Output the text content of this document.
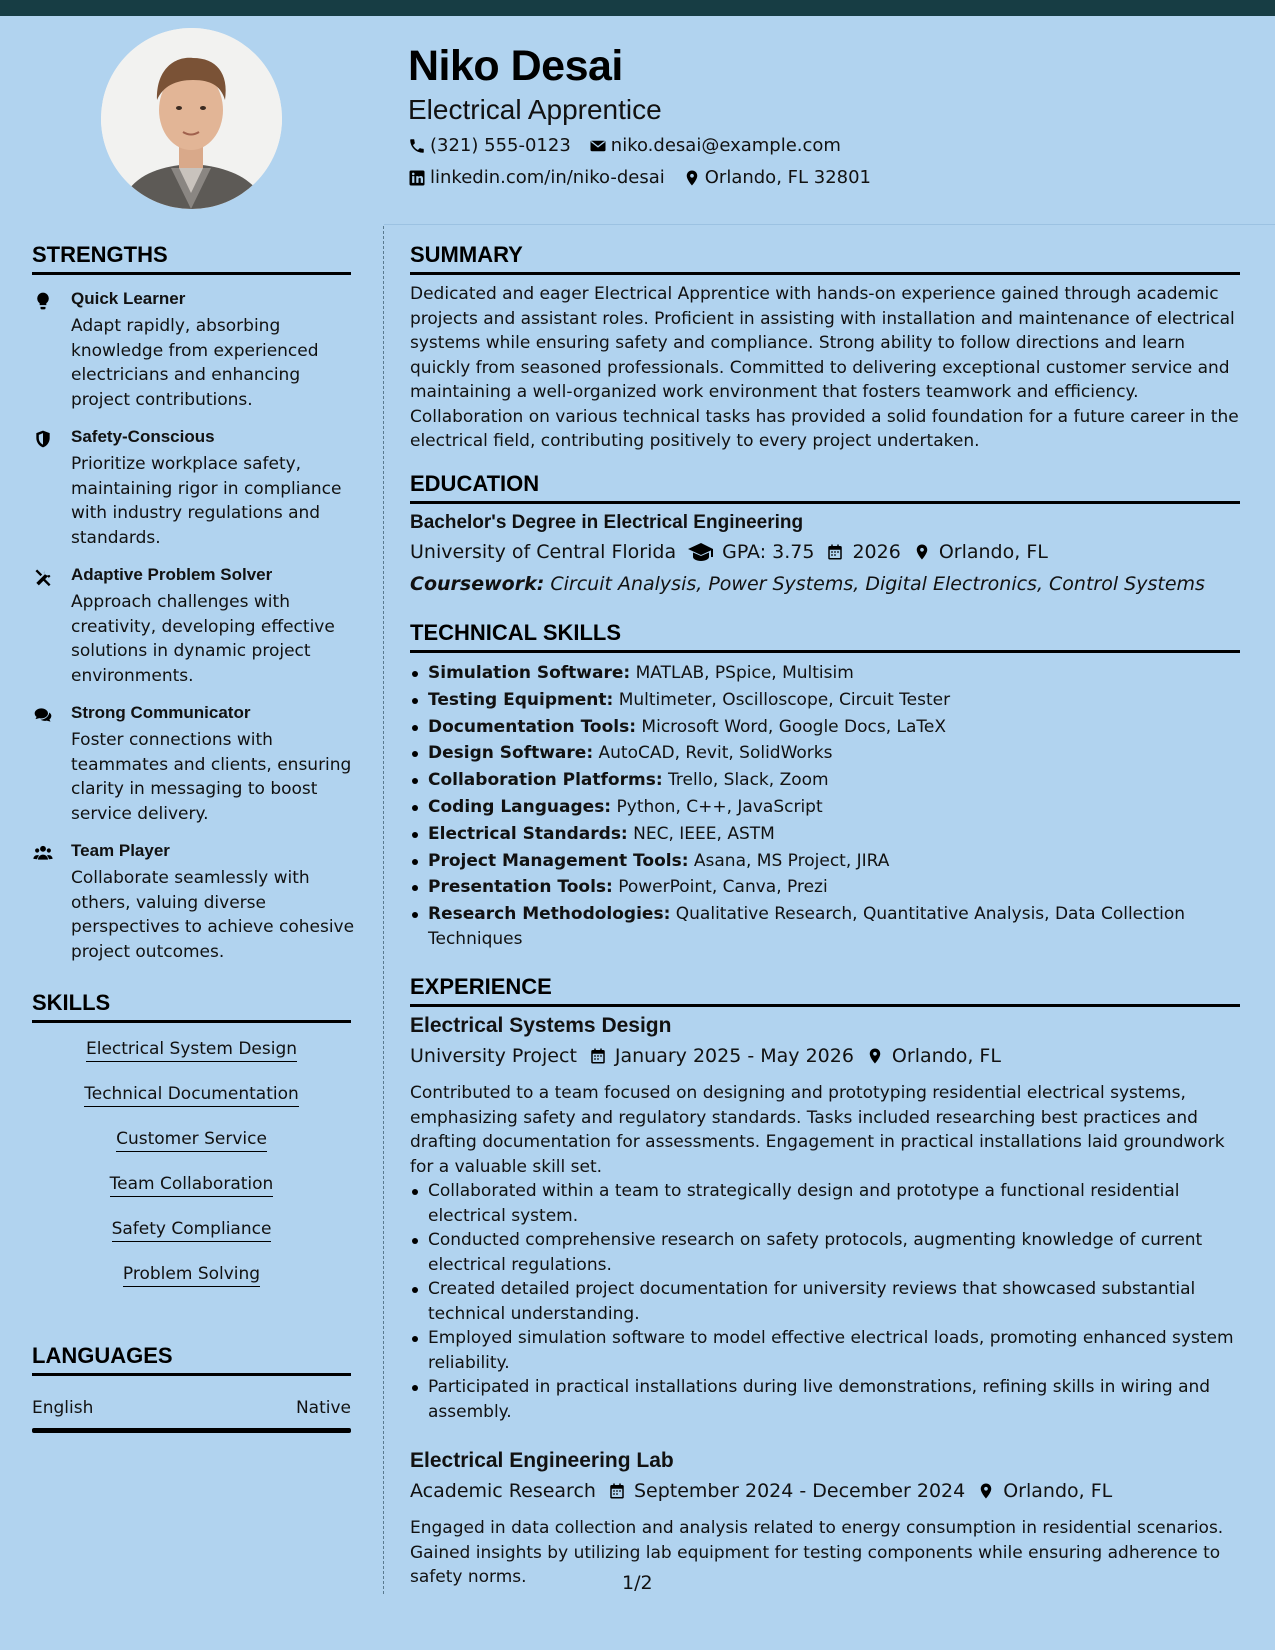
Niko Desai
Electrical Apprentice
(321) 555-0123 niko.desai@example.com
linkedin.com/in/niko-desai Orlando, FL 32801
STRENGTHS
Quick Learner
Adapt rapidly, absorbing knowledge from experienced electricians and enhancing project contributions.
Safety-Conscious
Prioritize workplace safety, maintaining rigor in compliance with industry regulations and standards.
Adaptive Problem Solver
Approach challenges with creativity, developing effective solutions in dynamic project environments.
Strong Communicator
Foster connections with teammates and clients, ensuring clarity in messaging to boost service delivery.
Team Player
Collaborate seamlessly with others, valuing diverse perspectives to achieve cohesive project outcomes.
SKILLS
Electrical System Design
Technical Documentation
Customer Service
Team Collaboration
Safety Compliance
Problem Solving
LANGUAGES
English	Native
SUMMARY
Dedicated and eager Electrical Apprentice with hands-on experience gained through academic projects and assistant roles. Proficient in assisting with installation and maintenance of electrical systems while ensuring safety and compliance. Strong ability to follow directions and learn quickly from seasoned professionals. Committed to delivering exceptional customer service and maintaining a well-organized work environment that fosters teamwork and efficiency. Collaboration on various technical tasks has provided a solid foundation for a future career in the electrical field, contributing positively to every project undertaken.
EDUCATION
Bachelor's Degree in Electrical Engineering
University of Central Florida GPA: 3.75 2026 Orlando, FL
Coursework: Circuit Analysis, Power Systems, Digital Electronics, Control Systems
TECHNICAL SKILLS
Simulation Software: MATLAB, PSpice, Multisim
Testing Equipment: Multimeter, Oscilloscope, Circuit Tester
Documentation Tools: Microsoft Word, Google Docs, LaTeX
Design Software: AutoCAD, Revit, SolidWorks
Collaboration Platforms: Trello, Slack, Zoom
Coding Languages: Python, C++, JavaScript
Electrical Standards: NEC, IEEE, ASTM
Project Management Tools: Asana, MS Project, JIRA
Presentation Tools: PowerPoint, Canva, Prezi
Research Methodologies: Qualitative Research, Quantitative Analysis, Data Collection Techniques
EXPERIENCE
Electrical Systems Design
University Project January 2025 - May 2026 Orlando, FL
Contributed to a team focused on designing and prototyping residential electrical systems, emphasizing safety and regulatory standards. Tasks included researching best practices and drafting documentation for assessments. Engagement in practical installations laid groundwork for a valuable skill set.
Collaborated within a team to strategically design and prototype a functional residential electrical system.
Conducted comprehensive research on safety protocols, augmenting knowledge of current electrical regulations.
Created detailed project documentation for university reviews that showcased substantial technical understanding.
Employed simulation software to model effective electrical loads, promoting enhanced system reliability.
Participated in practical installations during live demonstrations, refining skills in wiring and assembly.
Electrical Engineering Lab
Academic Research September 2024 - December 2024 Orlando, FL
Engaged in data collection and analysis related to energy consumption in residential scenarios. Gained insights by utilizing lab equipment for testing components while ensuring adherence to safety norms.	1/2
